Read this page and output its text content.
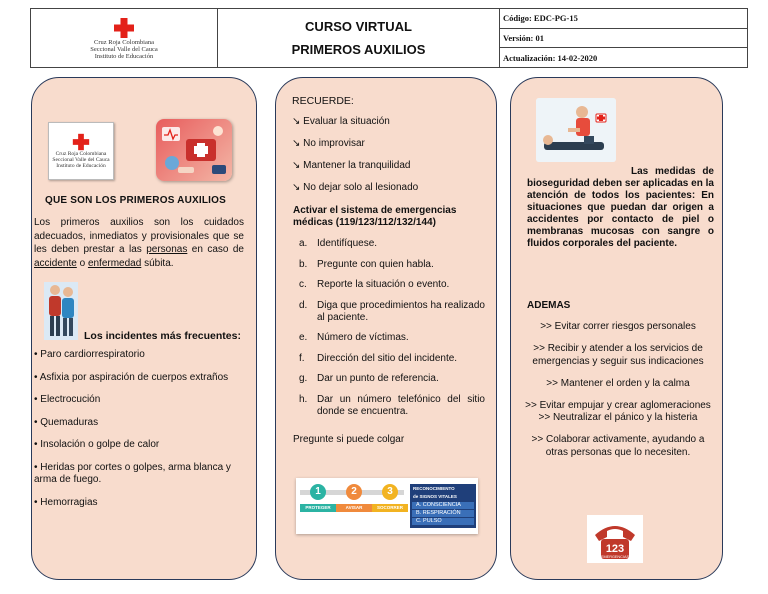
Cruz Roja Colombiana
Seccional Valle del Cauca
Instituto de Educación
CURSO VIRTUAL
PRIMEROS AUXILIOS
Código: EDC-PG-15
Versión: 01
Actualización: 14-02-2020
Cruz Roja Colombiana
Seccional Valle del Cauca
Instituto de Educación
QUE SON LOS PRIMEROS AUXILIOS
Los primeros auxilios son los cuidados adecuados, inmediatos y provisionales que se les deben prestar a las personas en caso de accidente o enfermedad súbita.
Los incidentes más frecuentes:
• Paro cardiorrespiratorio
• Asfixia por aspiración de cuerpos extraños
• Electrocución
• Quemaduras
• Insolación o golpe de calor
• Heridas por cortes o golpes, arma blanca y arma de fuego.
• Hemorragias
RECUERDE:
↘ Evaluar la situación
↘ No improvisar
↘ Mantener la tranquilidad
↘ No dejar solo al lesionado
Activar el sistema de emergencias médicas (119/123/112/132/144)
a. Identifíquese.
b. Pregunte con quien habla.
c.	Reporte la situación o evento.
d. Diga que procedimientos ha realizado al paciente.
e. Número de víctimas.
f.	Dirección del sitio del incidente.
g. Dar un punto de referencia.
h. Dar un número telefónico del sitio donde se encuentra.
Pregunte si puede colgar
1	2	3
PROTEGER	AVISAR	SOCORRER
RECONOCIMIENTO
de SIGNOS VITALES
A. CONSCIENCIA
B. RESPIRACIÓN
C. PULSO
Las medidas de bioseguridad deben ser aplicadas en la atención de todos los pacientes: En situaciones que puedan dar origen a accidentes por contacto de piel o membranas mucosas con sangre o fluidos corporales del paciente.
ADEMAS
>> Evitar correr riesgos personales
>> Recibir y atender a los servicios de emergencias y seguir sus indicaciones
>> Mantener el orden y la calma
>> Evitar empujar y crear aglomeraciones >> Neutralizar el pánico y la histeria
>> Colaborar activamente, ayudando a otras personas que lo necesiten.
123
EMERGENCIAS
